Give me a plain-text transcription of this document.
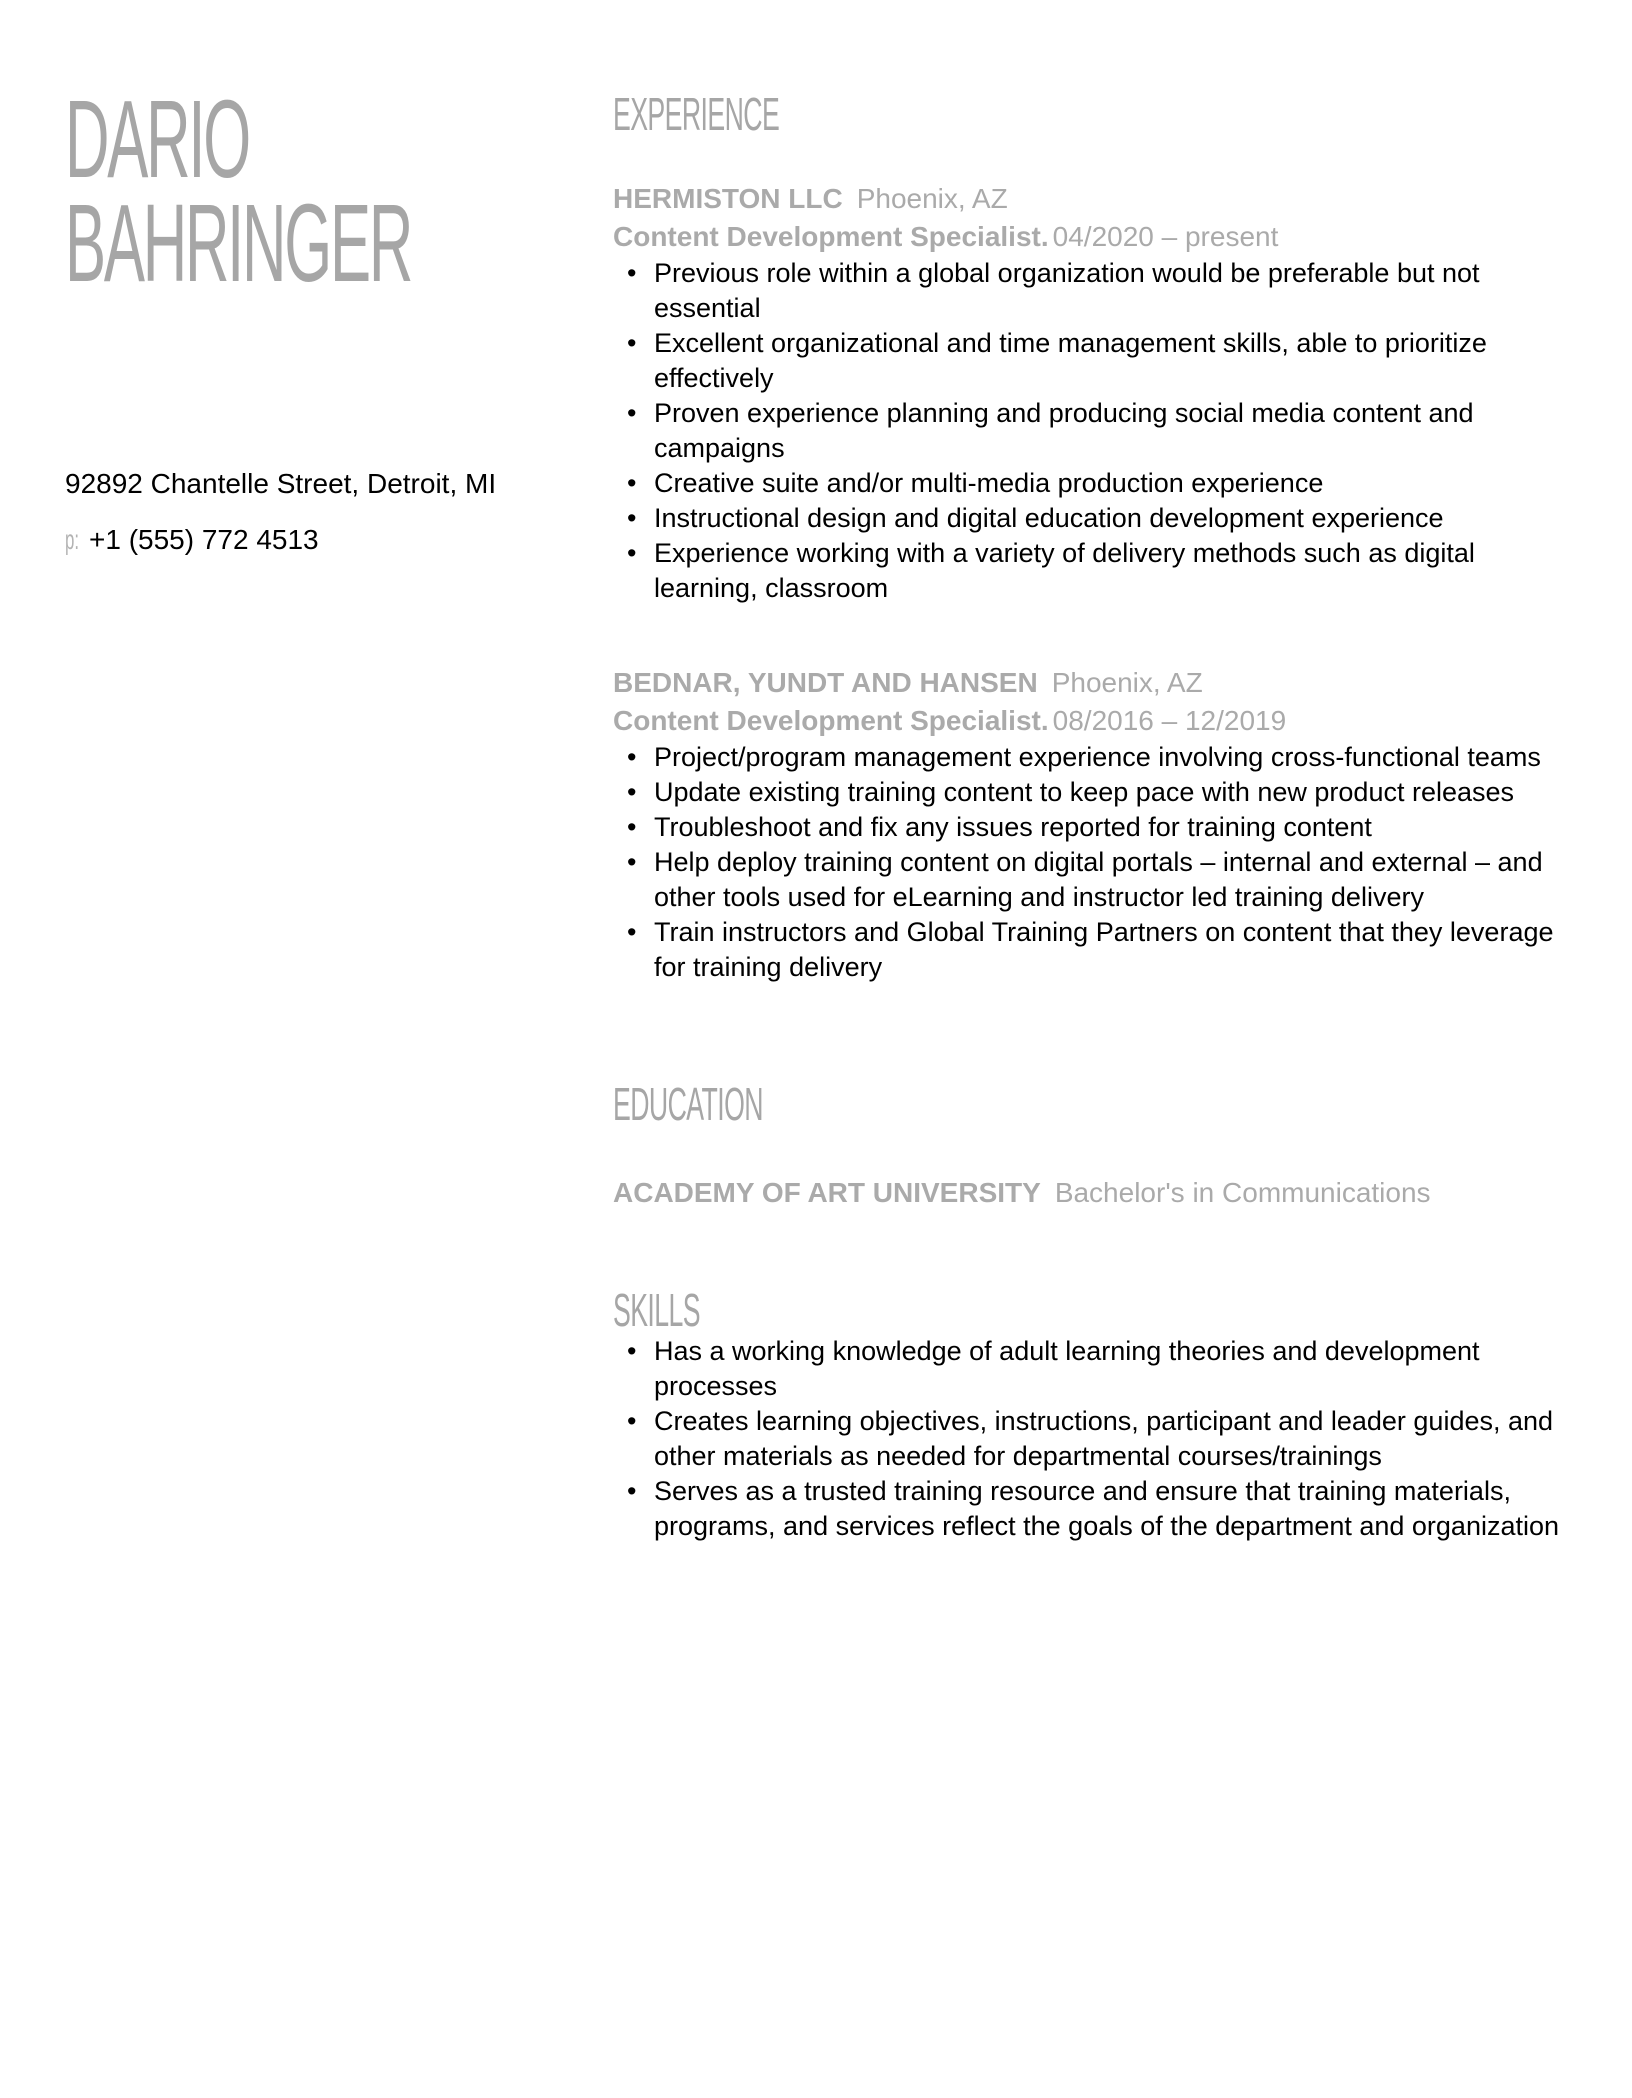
DARIO
BAHRINGER
92892 Chantelle Street, Detroit, MI
p: +1 (555) 772 4513
EXPERIENCE
HERMISTON LLC Phoenix, AZ
Content Development Specialist. 04/2020 – present
• Previous role within a global organization would be preferable but not essential
• Excellent organizational and time management skills, able to prioritize effectively
• Proven experience planning and producing social media content and campaigns
• Creative suite and/or multi-media production experience
• Instructional design and digital education development experience
• Experience working with a variety of delivery methods such as digital learning, classroom
BEDNAR, YUNDT AND HANSEN Phoenix, AZ
Content Development Specialist. 08/2016 – 12/2019
• Project/program management experience involving cross-functional teams
• Update existing training content to keep pace with new product releases
• Troubleshoot and fix any issues reported for training content
• Help deploy training content on digital portals – internal and external – and other tools used for eLearning and instructor led training delivery
• Train instructors and Global Training Partners on content that they leverage for training delivery
EDUCATION
ACADEMY OF ART UNIVERSITY Bachelor's in Communications
SKILLS
• Has a working knowledge of adult learning theories and development processes
• Creates learning objectives, instructions, participant and leader guides, and other materials as needed for departmental courses/trainings
• Serves as a trusted training resource and ensure that training materials, programs, and services reflect the goals of the department and organization
